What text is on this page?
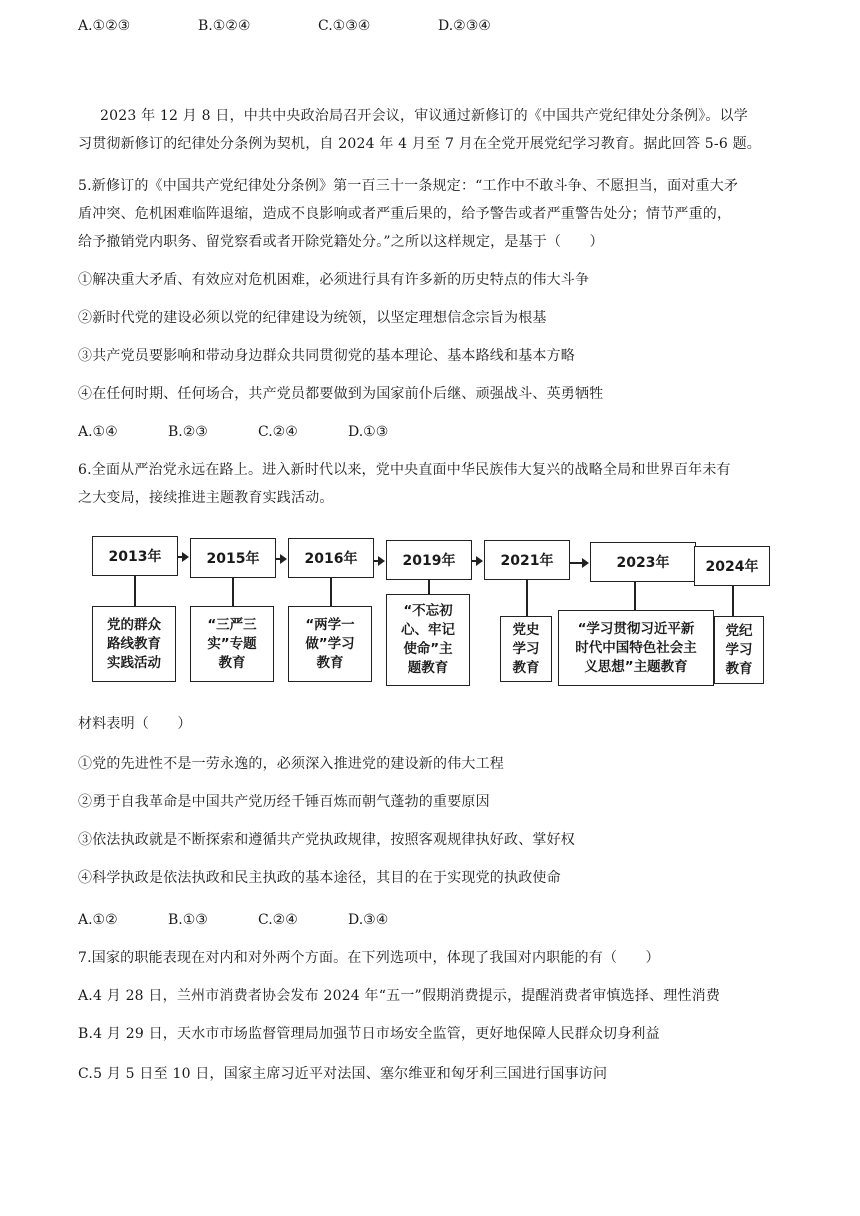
A.①②③	B.①②④	C.①③④	D.②③④
2023 年 12 月 8 日，中共中央政治局召开会议，审议通过新修订的《中国共产党纪律处分条例》。以学
习贯彻新修订的纪律处分条例为契机，自 2024 年 4 月至 7 月在全党开展党纪学习教育。据此回答 5-6 题。
5.新修订的《中国共产党纪律处分条例》第一百三十一条规定：“工作中不敢斗争、不愿担当，面对重大矛
盾冲突、危机困难临阵退缩，造成不良影响或者严重后果的，给予警告或者严重警告处分；情节严重的，
给予撤销党内职务、留党察看或者开除党籍处分。”之所以这样规定，是基于（　　）
①解决重大矛盾、有效应对危机困难，必须进行具有许多新的历史特点的伟大斗争
②新时代党的建设必须以党的纪律建设为统领，以坚定理想信念宗旨为根基
③共产党员要影响和带动身边群众共同贯彻党的基本理论、基本路线和基本方略
④在任何时期、任何场合，共产党员都要做到为国家前仆后继、顽强战斗、英勇牺牲
A.①④	B.②③	C.②④	D.①③
6.全面从严治党永远在路上。进入新时代以来，党中央直面中华民族伟大复兴的战略全局和世界百年未有
之大变局，接续推进主题教育实践活动。
2013年	2015年	2016年	2019年	2021年	2023年	2024年
党的群众
路线教育
实践活动
“三严三
实”专题
教育
“两学一
做”学习
教育
“不忘初
心、牢记
使命”主
题教育
党史
学习
教育
“学习贯彻习近平新
时代中国特色社会主
义思想”主题教育
党纪
学习
教育
材料表明（　　）
①党的先进性不是一劳永逸的，必须深入推进党的建设新的伟大工程
②勇于自我革命是中国共产党历经千锤百炼而朝气蓬勃的重要原因
③依法执政就是不断探索和遵循共产党执政规律，按照客观规律执好政、掌好权
④科学执政是依法执政和民主执政的基本途径，其目的在于实现党的执政使命
A.①②	B.①③	C.②④	D.③④
7.国家的职能表现在对内和对外两个方面。在下列选项中，体现了我国对内职能的有（　　）
A.4 月 28 日，兰州市消费者协会发布 2024 年“五一”假期消费提示，提醒消费者审慎选择、理性消费
B.4 月 29 日，天水市市场监督管理局加强节日市场安全监管，更好地保障人民群众切身利益
C.5 月 5 日至 10 日，国家主席习近平对法国、塞尔维亚和匈牙利三国进行国事访问
